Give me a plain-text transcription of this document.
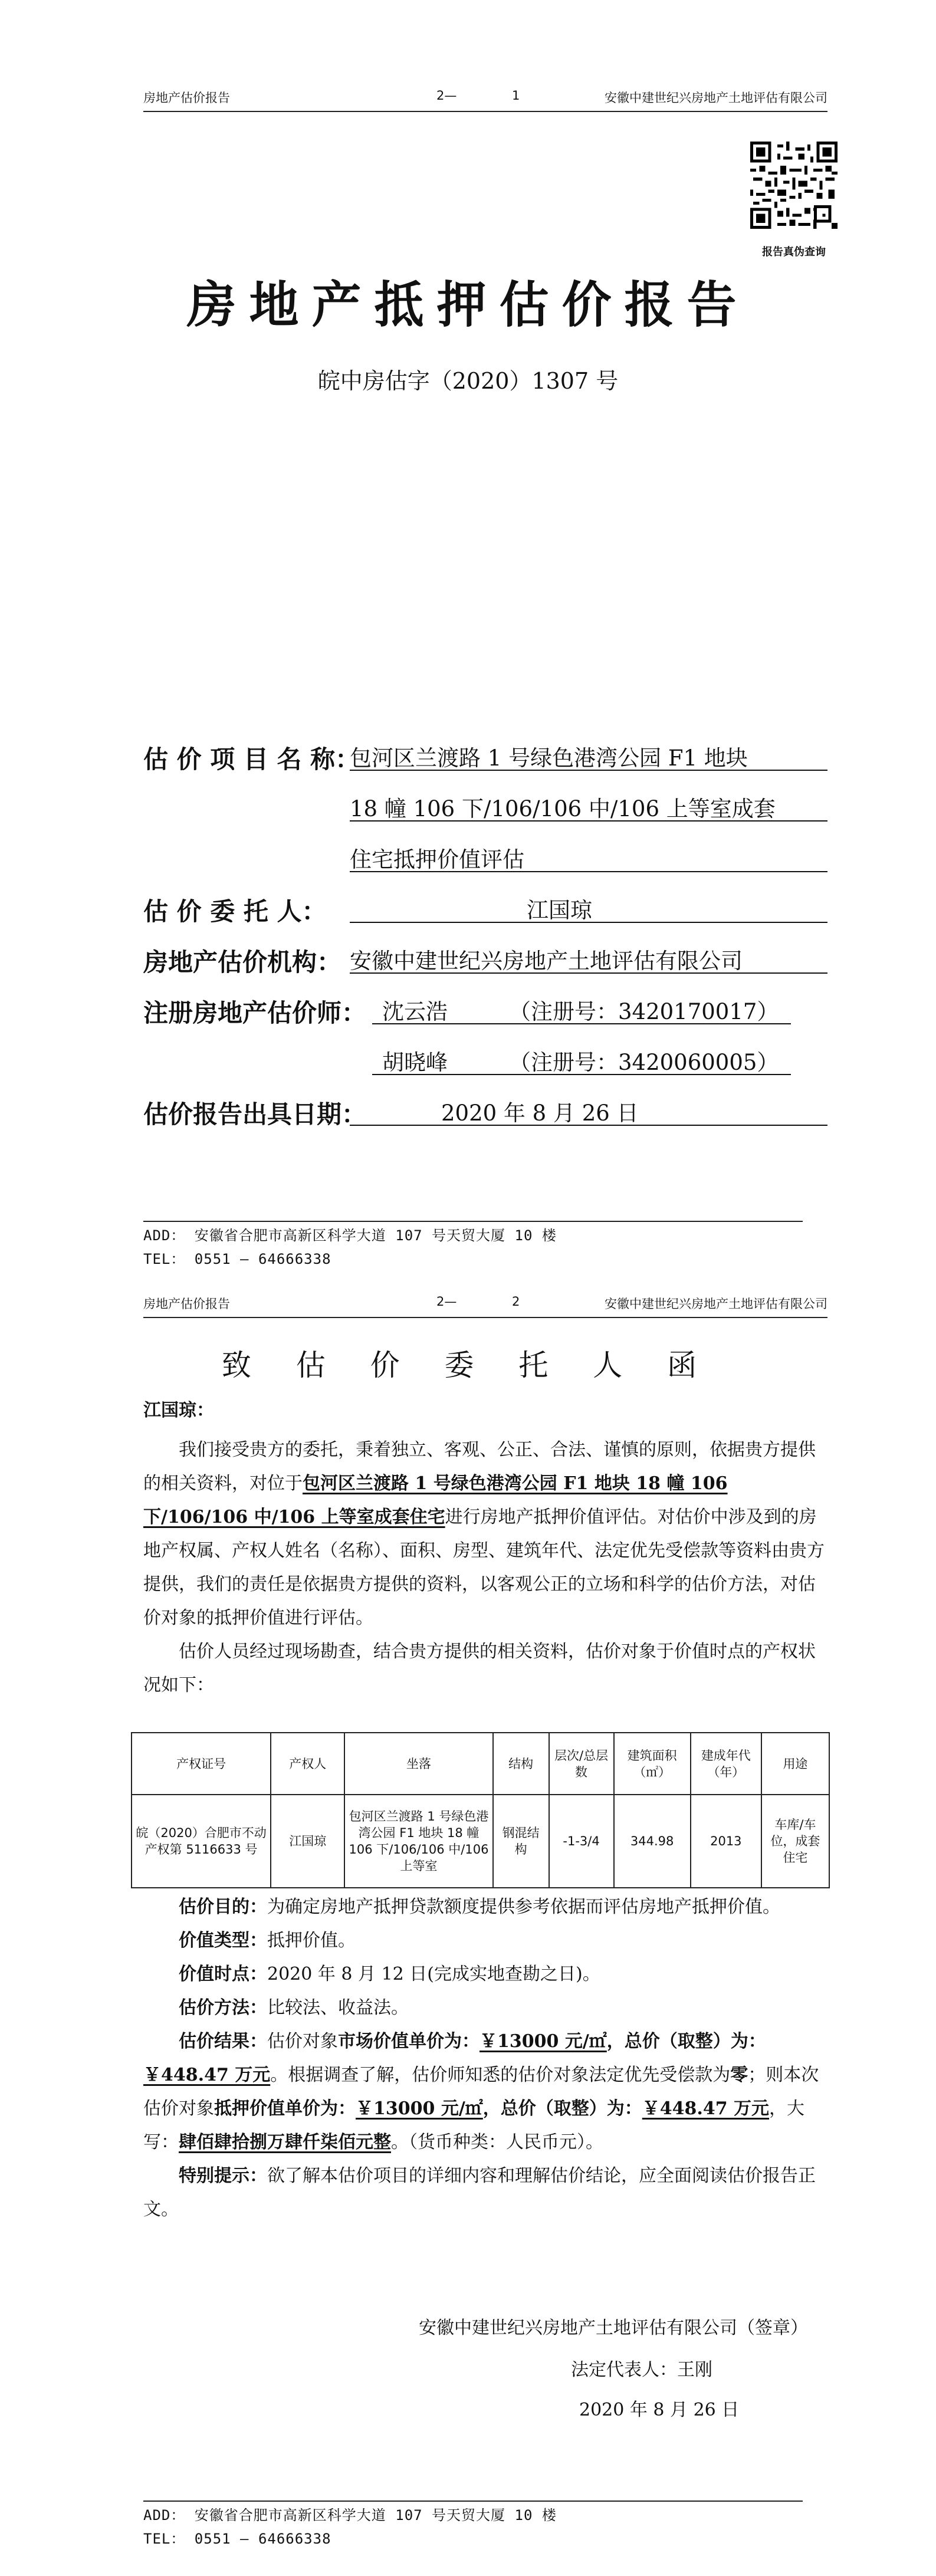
房地产估价报告	2—	1	安徽中建世纪兴房地产土地评估有限公司
报告真伪查询
房地产抵押估价报告
皖中房估字（2020）1307 号
估 价 项 目 名 称：
包河区兰渡路 1 号绿色港湾公园 F1 地块
18 幢 106 下/106/106 中/106 上等室成套
住宅抵押价值评估
估 价 委 托 人：	江国琼
房地产估价机构： 安徽中建世纪兴房地产土地评估有限公司
注册房地产估价师： 沈云浩	（注册号：3420170017）
胡晓峰	（注册号：3420060005）
估价报告出具日期：	2020 年 8 月 26 日
ADD： 安徽省合肥市高新区科学大道 107 号天贸大厦 10 楼
TEL： 0551 — 64666338
房地产估价报告	2—	2	安徽中建世纪兴房地产土地评估有限公司
致 估 价 委 托 人 函

江国琼：

我们接受贵方的委托，秉着独立、客观、公正、合法、谨慎的原则，依据贵方提供的相关资料，对位于包河区兰渡路 1 号绿色港湾公园 F1 地块 18 幢 106 下/106/106 中/106 上等室成套住宅进行房地产抵押价值评估。对估价中涉及到的房地产权属、产权人姓名（名称）、面积、房型、建筑年代、法定优先受偿款等资料由贵方提供，我们的责任是依据贵方提供的资料，以客观公正的立场和科学的估价方法，对估价对象的抵押价值进行评估。

估价人员经过现场勘查，结合贵方提供的相关资料，估价对象于价值时点的产权状况如下：

产权证号	产权人	坐落	结构	层次/总层数	建筑面积（㎡）	建成年代（年）	用途
皖（2020）合肥市不动产权第 5116633 号	江国琼	包河区兰渡路 1 号绿色港湾公园 F1 地块 18 幢 106 下/106/106 中/106 上等室	钢混结构	-1-3/4	344.98	2013	车库/车位，成套住宅

估价目的：为确定房地产抵押贷款额度提供参考依据而评估房地产抵押价值。

价值类型：抵押价值。

价值时点：2020 年 8 月 12 日(完成实地查勘之日)。

估价方法：比较法、收益法。

估价结果：估价对象市场价值单价为：￥13000 元/㎡，总价（取整）为：￥448.47 万元。根据调查了解，估价师知悉的估价对象法定优先受偿款为零；则本次估价对象抵押价值单价为：￥13000 元/㎡，总价（取整）为：￥448.47 万元，大写：肆佰肆拾捌万肆仟柒佰元整。（货币种类：人民币元）。

特别提示：欲了解本估价项目的详细内容和理解估价结论，应全面阅读估价报告正文。

安徽中建世纪兴房地产土地评估有限公司（签章）
法定代表人：王刚
2020 年 8 月 26 日
ADD： 安徽省合肥市高新区科学大道 107 号天贸大厦 10 楼
TEL： 0551 — 64666338
